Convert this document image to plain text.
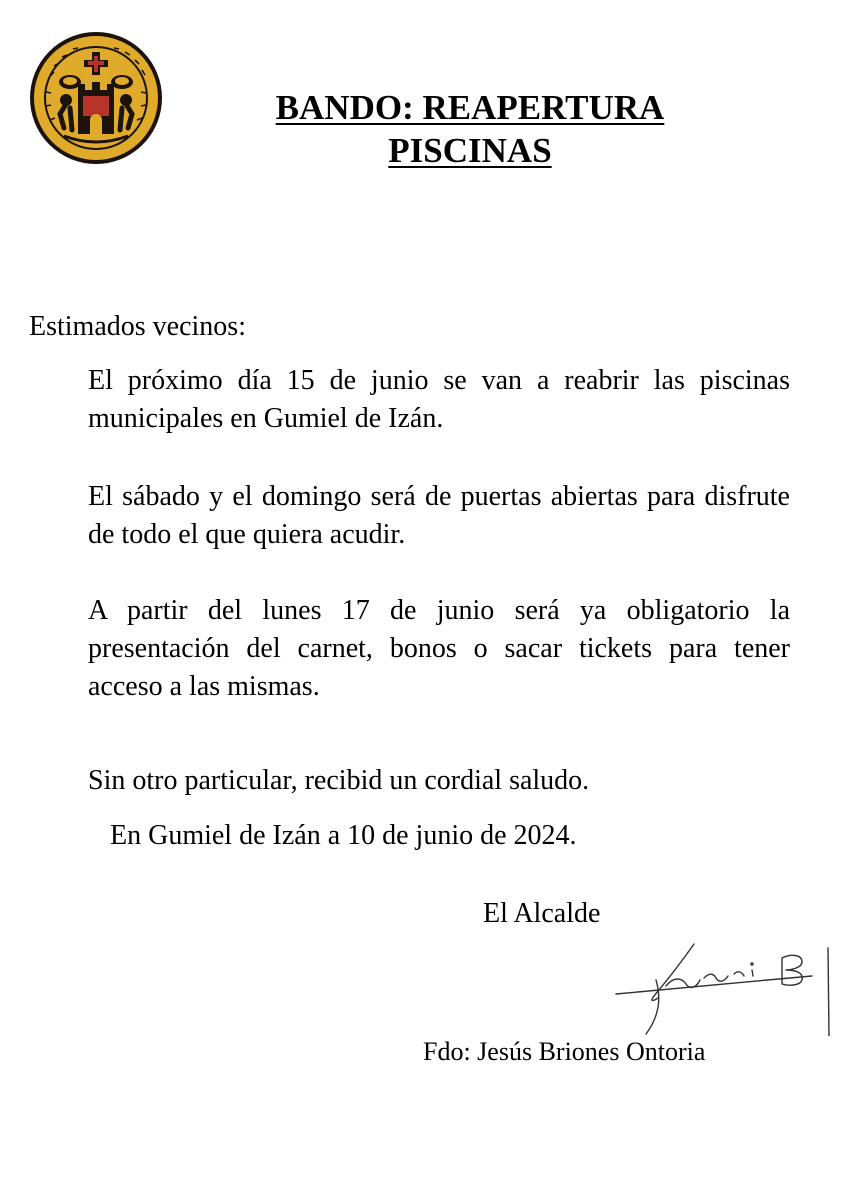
BANDO: REAPERTURA
PISCINAS
Estimados vecinos:

El próximo día 15 de junio se van a reabrir las piscinas municipales en Gumiel de Izán.

El sábado y el domingo será de puertas abiertas para disfrute de todo el que quiera acudir.

A partir del lunes 17 de junio será ya obligatorio la presentación del carnet, bonos o sacar tickets para tener acceso a las mismas.

Sin otro particular, recibid un cordial saludo.
En Gumiel de Izán a 10 de junio de 2024.
El Alcalde
Fdo: Jesús Briones Ontoria
